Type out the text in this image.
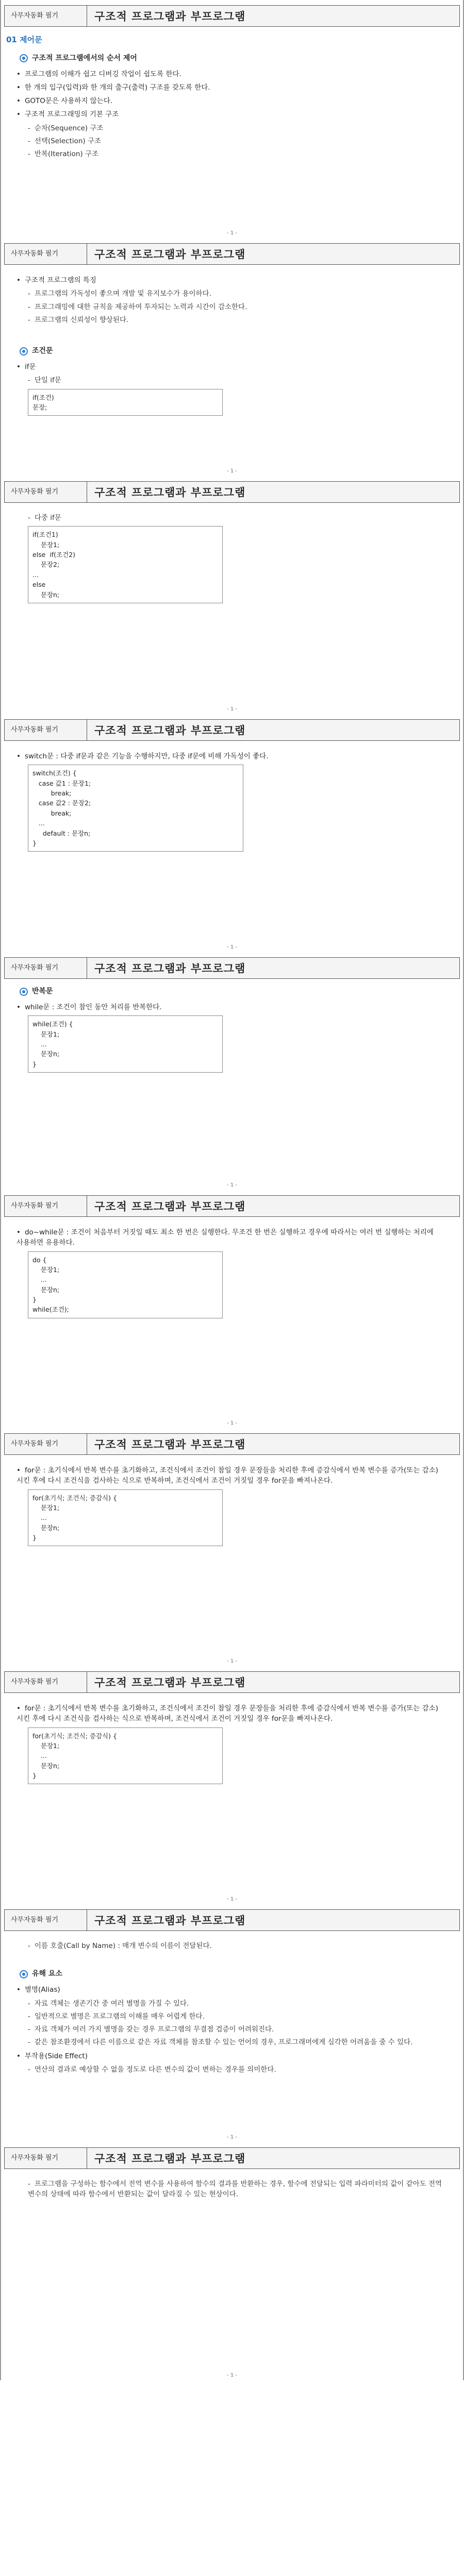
사무자동화 필기	구조적 프로그램과 부프로그램
01 제어문
구조적 프로그램에서의 순서 제어
• 프로그램의 이해가 쉽고 디버깅 작업이 쉽도록 한다.
• 한 개의 입구(입력)와 한 개의 출구(출력) 구조를 갖도록 한다.
• GOTO문은 사용하지 않는다.
• 구조적 프로그래밍의 기본 구조
- 순차(Sequence) 구조
- 선택(Selection) 구조
- 반복(Iteration) 구조
- 1 -
사무자동화 필기	구조적 프로그램과 부프로그램
• 구조적 프로그램의 특징
- 프로그램의 가독성이 좋으며 개발 및 유지보수가 용이하다.
- 프로그래밍에 대한 규칙을 제공하여 투자되는 노력과 시간이 감소한다.
- 프로그램의 신뢰성이 향상된다.
조건문
• if문
- 단일 if문
if(조건)
문장;
- 1 -
사무자동화 필기	구조적 프로그램과 부프로그램
- 다중 if문
if(조건1)
문장1;
else  if(조건2)
문장2;
...
else
문장n;
- 1 -
사무자동화 필기	구조적 프로그램과 부프로그램
• switch문 : 다중 if문과 같은 기능을 수행하지만, 다중 if문에 비해 가독성이 좋다.
switch(조건) {
case 값1 : 문장1;
break;
case 값2 : 문장2;
break;
...
default : 문장n;
}
- 1 -
사무자동화 필기	구조적 프로그램과 부프로그램
반복문
• while문 : 조건이 참인 동안 처리를 반복한다.
while(조건) {
문장1;
...
문장n;
}
- 1 -
사무자동화 필기	구조적 프로그램과 부프로그램
• do~while문 : 조건이 처음부터 거짓일 때도 최소 한 번은 실행한다. 무조건 한 번은 실행하고 경우에 따라서는 여러 번 실행하는 처리에 사용하면 유용하다.
do {
문장1;
...
문장n;
}
while(조건);
- 1 -
사무자동화 필기	구조적 프로그램과 부프로그램
• for문 : 초기식에서 반복 변수를 초기화하고, 조건식에서 조건이 참일 경우 문장들을 처리한 후에 증감식에서 반복 변수를 증가(또는 감소)시킨 후에 다시 조건식을 검사하는 식으로 반복하며, 조건식에서 조건이 거짓일 경우 for문을 빠져나온다.
for(초기식; 조건식; 증감식) {
문장1;
...
문장n;
}
- 1 -
사무자동화 필기	구조적 프로그램과 부프로그램
• for문 : 초기식에서 반복 변수를 초기화하고, 조건식에서 조건이 참일 경우 문장들을 처리한 후에 증감식에서 반복 변수를 증가(또는 감소)시킨 후에 다시 조건식을 검사하는 식으로 반복하며, 조건식에서 조건이 거짓일 경우 for문을 빠져나온다.
for(초기식; 조건식; 증감식) {
문장1;
...
문장n;
}
- 1 -
사무자동화 필기	구조적 프로그램과 부프로그램
- 이름 호출(Call by Name) : 매개 변수의 이름이 전달된다.
유해 요소
• 별명(Alias)
- 자료 객체는 생존기간 중 여러 별명을 가질 수 있다.
- 일반적으로 별명은 프로그램의 이해를 매우 어렵게 한다.
- 자료 객체가 여러 가지 별명을 갖는 경우 프로그램의 무결점 검증이 어려워진다.
- 같은 참조환경에서 다른 이름으로 같은 자료 객체를 참조할 수 있는 언어의 경우, 프로그래머에게 심각한 어려움을 줄 수 있다.
• 부작용(Side Effect)
- 연산의 결과로 예상할 수 없을 정도로 다른 변수의 값이 변하는 경우를 의미한다.
- 1 -
사무자동화 필기	구조적 프로그램과 부프로그램
- 프로그램을 구성하는 함수에서 전역 변수를 사용하여 함수의 결과를 반환하는 경우, 함수에 전달되는 입력 파라미터의 값이 같아도 전역 변수의 상태에 따라 함수에서 반환되는 값이 달라질 수 있는 현상이다.
- 1 -
